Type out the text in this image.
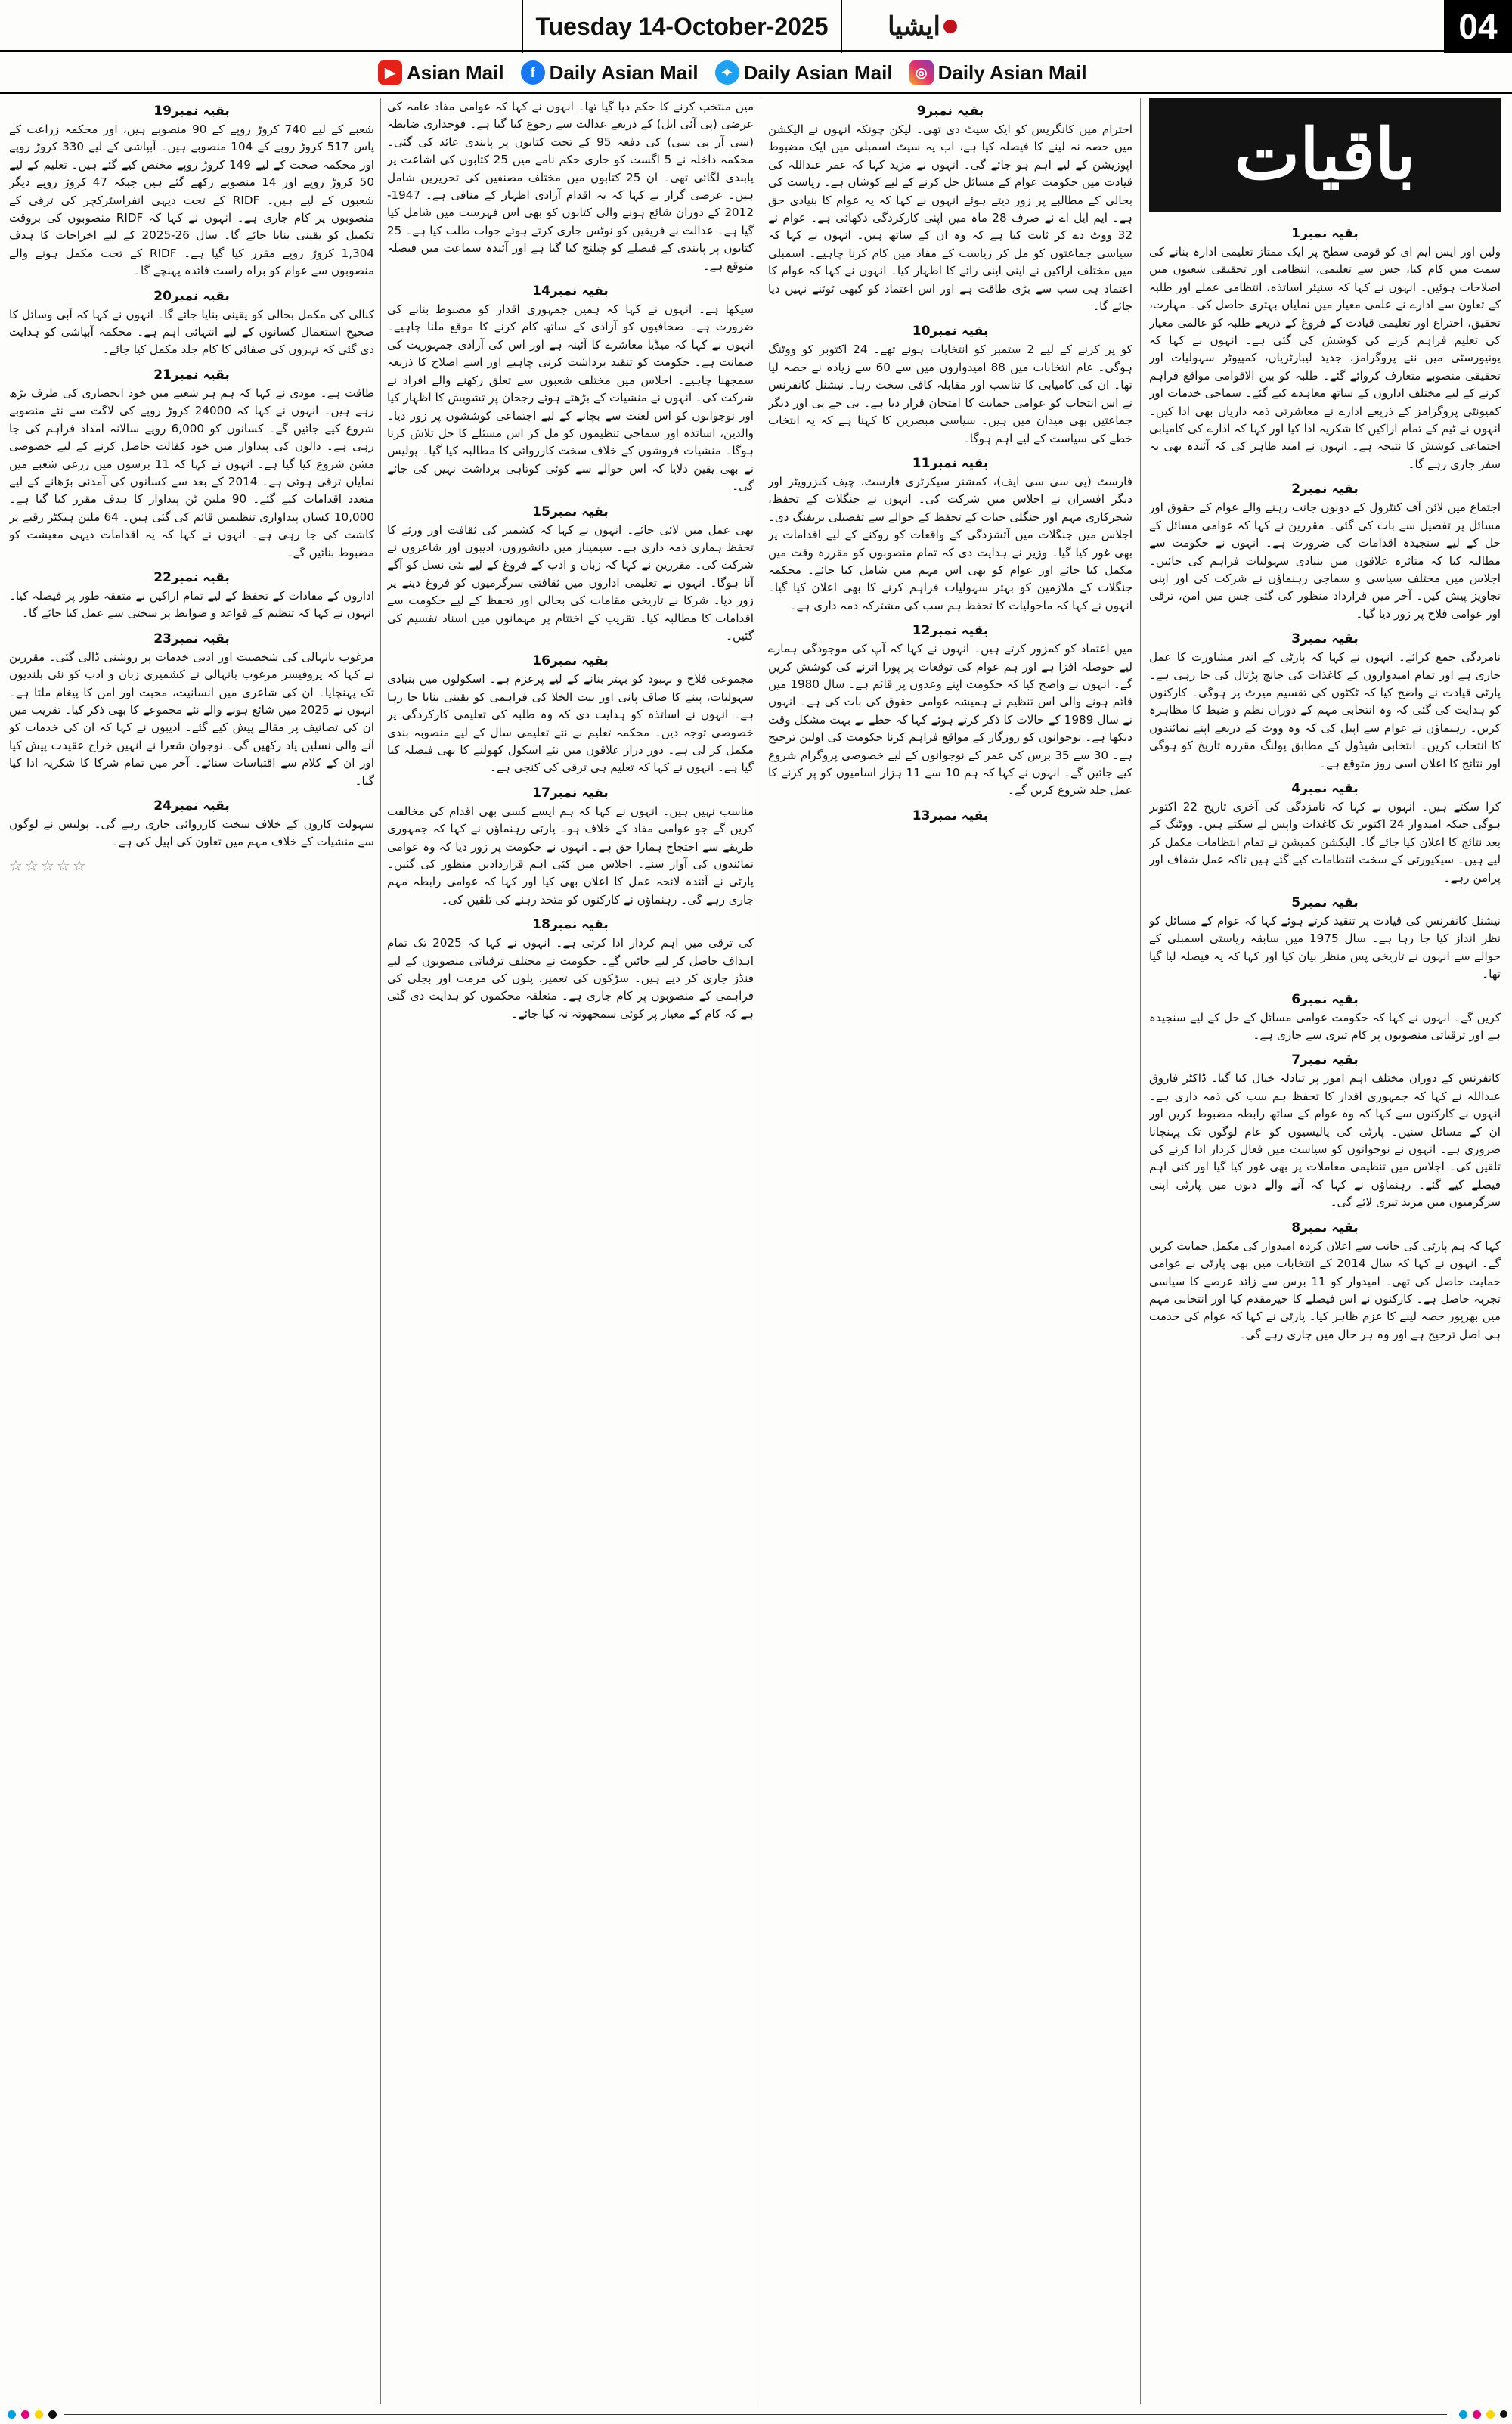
Tuesday 14-October-2025	ایشیا	04
▶ Asian Mail	f Daily Asian Mail	✦ Daily Asian Mail	◎ Daily Asian Mail
باقیات
بقیہ نمبر1

ولیں اور ایس ایم ای کو قومی سطح پر ایک ممتاز تعلیمی ادارہ بنانے کی سمت میں کام کیا، جس سے تعلیمی، انتظامی اور تحقیقی شعبوں میں اصلاحات ہوئیں۔ انہوں نے کہا کہ سنیئر اساتذہ، انتظامی عملے اور طلبہ کے تعاون سے ادارے نے علمی معیار میں نمایاں بہتری حاصل کی۔ مہارت، تحقیق، اختراع اور تعلیمی قیادت کے فروغ کے ذریعے طلبہ کو عالمی معیار کی تعلیم فراہم کرنے کی کوشش کی گئی ہے۔ انہوں نے کہا کہ یونیورسٹی میں نئے پروگرامز، جدید لیبارٹریاں، کمپیوٹر سہولیات اور تحقیقی منصوبے متعارف کروائے گئے۔ طلبہ کو بین الاقوامی مواقع فراہم کرنے کے لیے مختلف اداروں کے ساتھ معاہدے کیے گئے۔ سماجی خدمات اور کمیونٹی پروگرامز کے ذریعے ادارے نے معاشرتی ذمہ داریاں بھی ادا کیں۔ انہوں نے ٹیم کے تمام اراکین کا شکریہ ادا کیا اور کہا کہ ادارے کی کامیابی اجتماعی کوشش کا نتیجہ ہے۔ انہوں نے امید ظاہر کی کہ آئندہ بھی یہ سفر جاری رہے گا۔

بقیہ نمبر2

اجتماع میں لائن آف کنٹرول کے دونوں جانب رہنے والے عوام کے حقوق اور مسائل پر تفصیل سے بات کی گئی۔ مقررین نے کہا کہ عوامی مسائل کے حل کے لیے سنجیدہ اقدامات کی ضرورت ہے۔ انہوں نے حکومت سے مطالبہ کیا کہ متاثرہ علاقوں میں بنیادی سہولیات فراہم کی جائیں۔ اجلاس میں مختلف سیاسی و سماجی رہنماؤں نے شرکت کی اور اپنی تجاویز پیش کیں۔ آخر میں قرارداد منظور کی گئی جس میں امن، ترقی اور عوامی فلاح پر زور دیا گیا۔

بقیہ نمبر3

نامزدگی جمع کرائے۔ انہوں نے کہا کہ پارٹی کے اندر مشاورت کا عمل جاری ہے اور تمام امیدواروں کے کاغذات کی جانچ پڑتال کی جا رہی ہے۔ پارٹی قیادت نے واضح کیا کہ ٹکٹوں کی تقسیم میرٹ پر ہوگی۔ کارکنوں کو ہدایت کی گئی کہ وہ انتخابی مہم کے دوران نظم و ضبط کا مظاہرہ کریں۔ رہنماؤں نے عوام سے اپیل کی کہ وہ ووٹ کے ذریعے اپنے نمائندوں کا انتخاب کریں۔ انتخابی شیڈول کے مطابق پولنگ مقررہ تاریخ کو ہوگی اور نتائج کا اعلان اسی روز متوقع ہے۔

بقیہ نمبر4

کرا سکتے ہیں۔ انہوں نے کہا کہ نامزدگی کی آخری تاریخ 22 اکتوبر ہوگی جبکہ امیدوار 24 اکتوبر تک کاغذات واپس لے سکتے ہیں۔ ووٹنگ کے بعد نتائج کا اعلان کیا جائے گا۔ الیکشن کمیشن نے تمام انتظامات مکمل کر لیے ہیں۔ سیکیورٹی کے سخت انتظامات کیے گئے ہیں تاکہ عمل شفاف اور پرامن رہے۔

بقیہ نمبر5

نیشنل کانفرنس کی قیادت پر تنقید کرتے ہوئے کہا کہ عوام کے مسائل کو نظر انداز کیا جا رہا ہے۔ سال 1975 میں سابقہ ریاستی اسمبلی کے حوالے سے انہوں نے تاریخی پس منظر بیان کیا اور کہا کہ یہ فیصلہ لیا گیا تھا۔

بقیہ نمبر6

کریں گے۔ انہوں نے کہا کہ حکومت عوامی مسائل کے حل کے لیے سنجیدہ ہے اور ترقیاتی منصوبوں پر کام تیزی سے جاری ہے۔

بقیہ نمبر7

کانفرنس کے دوران مختلف اہم امور پر تبادلہ خیال کیا گیا۔ ڈاکٹر فاروق عبداللہ نے کہا کہ جمہوری اقدار کا تحفظ ہم سب کی ذمہ داری ہے۔ انہوں نے کارکنوں سے کہا کہ وہ عوام کے ساتھ رابطہ مضبوط کریں اور ان کے مسائل سنیں۔ پارٹی کی پالیسیوں کو عام لوگوں تک پہنچانا ضروری ہے۔ انہوں نے نوجوانوں کو سیاست میں فعال کردار ادا کرنے کی تلقین کی۔ اجلاس میں تنظیمی معاملات پر بھی غور کیا گیا اور کئی اہم فیصلے کیے گئے۔ رہنماؤں نے کہا کہ آنے والے دنوں میں پارٹی اپنی سرگرمیوں میں مزید تیزی لائے گی۔

بقیہ نمبر8

کہا کہ ہم پارٹی کی جانب سے اعلان کردہ امیدوار کی مکمل حمایت کریں گے۔ انہوں نے کہا کہ سال 2014 کے انتخابات میں بھی پارٹی نے عوامی حمایت حاصل کی تھی۔ امیدوار کو 11 برس سے زائد عرصے کا سیاسی تجربہ حاصل ہے۔ کارکنوں نے اس فیصلے کا خیرمقدم کیا اور انتخابی مہم میں بھرپور حصہ لینے کا عزم ظاہر کیا۔ پارٹی نے کہا کہ عوام کی خدمت ہی اصل ترجیح ہے اور وہ ہر حال میں جاری رہے گی۔

بقیہ نمبر9

احترام میں کانگریس کو ایک سیٹ دی تھی۔ لیکن چونکہ انہوں نے الیکشن میں حصہ نہ لینے کا فیصلہ کیا ہے، اب یہ سیٹ اسمبلی میں ایک مضبوط اپوزیشن کے لیے اہم ہو جائے گی۔ انہوں نے مزید کہا کہ عمر عبداللہ کی قیادت میں حکومت عوام کے مسائل حل کرنے کے لیے کوشاں ہے۔ ریاست کی بحالی کے مطالبے پر زور دیتے ہوئے انہوں نے کہا کہ یہ عوام کا بنیادی حق ہے۔ ایم ایل اے نے صرف 28 ماہ میں اپنی کارکردگی دکھائی ہے۔ عوام نے 32 ووٹ دے کر ثابت کیا ہے کہ وہ ان کے ساتھ ہیں۔ انہوں نے کہا کہ سیاسی جماعتوں کو مل کر ریاست کے مفاد میں کام کرنا چاہیے۔ اسمبلی میں مختلف اراکین نے اپنی اپنی رائے کا اظہار کیا۔ انہوں نے کہا کہ عوام کا اعتماد ہی سب سے بڑی طاقت ہے اور اس اعتماد کو کبھی ٹوٹنے نہیں دیا جائے گا۔

بقیہ نمبر10

کو پر کرنے کے لیے 2 ستمبر کو انتخابات ہونے تھے۔ 24 اکتوبر کو ووٹنگ ہوگی۔ عام انتخابات میں 88 امیدواروں میں سے 60 سے زیادہ نے حصہ لیا تھا۔ ان کی کامیابی کا تناسب اور مقابلہ کافی سخت رہا۔ نیشنل کانفرنس نے اس انتخاب کو عوامی حمایت کا امتحان قرار دیا ہے۔ بی جے پی اور دیگر جماعتیں بھی میدان میں ہیں۔ سیاسی مبصرین کا کہنا ہے کہ یہ انتخاب خطے کی سیاست کے لیے اہم ہوگا۔

بقیہ نمبر11

فارسٹ (پی سی سی ایف)، کمشنر سیکرٹری فارسٹ، چیف کنزرویٹر اور دیگر افسران نے اجلاس میں شرکت کی۔ انہوں نے جنگلات کے تحفظ، شجرکاری مہم اور جنگلی حیات کے تحفظ کے حوالے سے تفصیلی بریفنگ دی۔ اجلاس میں جنگلات میں آتشزدگی کے واقعات کو روکنے کے لیے اقدامات پر بھی غور کیا گیا۔ وزیر نے ہدایت دی کہ تمام منصوبوں کو مقررہ وقت میں مکمل کیا جائے اور عوام کو بھی اس مہم میں شامل کیا جائے۔ محکمہ جنگلات کے ملازمین کو بہتر سہولیات فراہم کرنے کا بھی اعلان کیا گیا۔ انہوں نے کہا کہ ماحولیات کا تحفظ ہم سب کی مشترکہ ذمہ داری ہے۔

بقیہ نمبر12

میں اعتماد کو کمزور کرتے ہیں۔ انہوں نے کہا کہ آپ کی موجودگی ہمارے لیے حوصلہ افزا ہے اور ہم عوام کی توقعات پر پورا اترنے کی کوشش کریں گے۔ انہوں نے واضح کیا کہ حکومت اپنے وعدوں پر قائم ہے۔ سال 1980 میں قائم ہونے والی اس تنظیم نے ہمیشہ عوامی حقوق کی بات کی ہے۔ انہوں نے سال 1989 کے حالات کا ذکر کرتے ہوئے کہا کہ خطے نے بہت مشکل وقت دیکھا ہے۔ نوجوانوں کو روزگار کے مواقع فراہم کرنا حکومت کی اولین ترجیح ہے۔ 30 سے 35 برس کی عمر کے نوجوانوں کے لیے خصوصی پروگرام شروع کیے جائیں گے۔ انہوں نے کہا کہ ہم 10 سے 11 ہزار اسامیوں کو پر کرنے کا عمل جلد شروع کریں گے۔

بقیہ نمبر13

میں منتخب کرنے کا حکم دیا گیا تھا۔ انہوں نے کہا کہ عوامی مفاد عامہ کی عرضی (پی آئی ایل) کے ذریعے عدالت سے رجوع کیا گیا ہے۔ فوجداری ضابطہ (سی آر پی سی) کی دفعہ 95 کے تحت کتابوں پر پابندی عائد کی گئی۔ محکمہ داخلہ نے 5 اگست کو جاری حکم نامے میں 25 کتابوں کی اشاعت پر پابندی لگائی تھی۔ ان 25 کتابوں میں مختلف مصنفین کی تحریریں شامل ہیں۔ عرضی گزار نے کہا کہ یہ اقدام آزادی اظہار کے منافی ہے۔ 1947-2012 کے دوران شائع ہونے والی کتابوں کو بھی اس فہرست میں شامل کیا گیا ہے۔ عدالت نے فریقین کو نوٹس جاری کرتے ہوئے جواب طلب کیا ہے۔ 25 کتابوں پر پابندی کے فیصلے کو چیلنج کیا گیا ہے اور آئندہ سماعت میں فیصلہ متوقع ہے۔

بقیہ نمبر14

سیکھا ہے۔ انہوں نے کہا کہ ہمیں جمہوری اقدار کو مضبوط بنانے کی ضرورت ہے۔ صحافیوں کو آزادی کے ساتھ کام کرنے کا موقع ملنا چاہیے۔ انہوں نے کہا کہ میڈیا معاشرے کا آئینہ ہے اور اس کی آزادی جمہوریت کی ضمانت ہے۔ حکومت کو تنقید برداشت کرنی چاہیے اور اسے اصلاح کا ذریعہ سمجھنا چاہیے۔ اجلاس میں مختلف شعبوں سے تعلق رکھنے والے افراد نے شرکت کی۔ انہوں نے منشیات کے بڑھتے ہوئے رجحان پر تشویش کا اظہار کیا اور نوجوانوں کو اس لعنت سے بچانے کے لیے اجتماعی کوششوں پر زور دیا۔ والدین، اساتذہ اور سماجی تنظیموں کو مل کر اس مسئلے کا حل تلاش کرنا ہوگا۔ منشیات فروشوں کے خلاف سخت کارروائی کا مطالبہ کیا گیا۔ پولیس نے بھی یقین دلایا کہ اس حوالے سے کوئی کوتاہی برداشت نہیں کی جائے گی۔

بقیہ نمبر15

بھی عمل میں لائی جائے۔ انہوں نے کہا کہ کشمیر کی ثقافت اور ورثے کا تحفظ ہماری ذمہ داری ہے۔ سیمینار میں دانشوروں، ادیبوں اور شاعروں نے شرکت کی۔ مقررین نے کہا کہ زبان و ادب کے فروغ کے لیے نئی نسل کو آگے آنا ہوگا۔ انہوں نے تعلیمی اداروں میں ثقافتی سرگرمیوں کو فروغ دینے پر زور دیا۔ شرکا نے تاریخی مقامات کی بحالی اور تحفظ کے لیے حکومت سے اقدامات کا مطالبہ کیا۔ تقریب کے اختتام پر مہمانوں میں اسناد تقسیم کی گئیں۔

بقیہ نمبر16

مجموعی فلاح و بہبود کو بہتر بنانے کے لیے پرعزم ہے۔ اسکولوں میں بنیادی سہولیات، پینے کا صاف پانی اور بیت الخلا کی فراہمی کو یقینی بنایا جا رہا ہے۔ انہوں نے اساتذہ کو ہدایت دی کہ وہ طلبہ کی تعلیمی کارکردگی پر خصوصی توجہ دیں۔ محکمہ تعلیم نے نئے تعلیمی سال کے لیے منصوبہ بندی مکمل کر لی ہے۔ دور دراز علاقوں میں نئے اسکول کھولنے کا بھی فیصلہ کیا گیا ہے۔ انہوں نے کہا کہ تعلیم ہی ترقی کی کنجی ہے۔

بقیہ نمبر17

مناسب نہیں ہیں۔ انہوں نے کہا کہ ہم ایسے کسی بھی اقدام کی مخالفت کریں گے جو عوامی مفاد کے خلاف ہو۔ پارٹی رہنماؤں نے کہا کہ جمہوری طریقے سے احتجاج ہمارا حق ہے۔ انہوں نے حکومت پر زور دیا کہ وہ عوامی نمائندوں کی آواز سنے۔ اجلاس میں کئی اہم قراردادیں منظور کی گئیں۔ پارٹی نے آئندہ لائحہ عمل کا اعلان بھی کیا اور کہا کہ عوامی رابطہ مہم جاری رہے گی۔ رہنماؤں نے کارکنوں کو متحد رہنے کی تلقین کی۔

بقیہ نمبر18

کی ترقی میں اہم کردار ادا کرتی ہے۔ انہوں نے کہا کہ 2025 تک تمام اہداف حاصل کر لیے جائیں گے۔ حکومت نے مختلف ترقیاتی منصوبوں کے لیے فنڈز جاری کر دیے ہیں۔ سڑکوں کی تعمیر، پلوں کی مرمت اور بجلی کی فراہمی کے منصوبوں پر کام جاری ہے۔ متعلقہ محکموں کو ہدایت دی گئی ہے کہ کام کے معیار پر کوئی سمجھوتہ نہ کیا جائے۔

بقیہ نمبر19

شعبے کے لیے 740 کروڑ روپے کے 90 منصوبے ہیں، اور محکمہ زراعت کے پاس 517 کروڑ روپے کے 104 منصوبے ہیں۔ آبپاشی کے لیے 330 کروڑ روپے اور محکمہ صحت کے لیے 149 کروڑ روپے مختص کیے گئے ہیں۔ تعلیم کے لیے 50 کروڑ روپے اور 14 منصوبے رکھے گئے ہیں جبکہ 47 کروڑ روپے دیگر شعبوں کے لیے ہیں۔ RIDF کے تحت دیہی انفراسٹرکچر کی ترقی کے منصوبوں پر کام جاری ہے۔ انہوں نے کہا کہ RIDF منصوبوں کی بروقت تکمیل کو یقینی بنایا جائے گا۔ سال 26-2025 کے لیے اخراجات کا ہدف 1,304 کروڑ روپے مقرر کیا گیا ہے۔ RIDF کے تحت مکمل ہونے والے منصوبوں سے عوام کو براہ راست فائدہ پہنچے گا۔

بقیہ نمبر20

کنالی کی مکمل بحالی کو یقینی بنایا جائے گا۔ انہوں نے کہا کہ آبی وسائل کا صحیح استعمال کسانوں کے لیے انتہائی اہم ہے۔ محکمہ آبپاشی کو ہدایت دی گئی کہ نہروں کی صفائی کا کام جلد مکمل کیا جائے۔

بقیہ نمبر21

طاقت ہے۔ مودی نے کہا کہ ہم ہر شعبے میں خود انحصاری کی طرف بڑھ رہے ہیں۔ انہوں نے کہا کہ 24000 کروڑ روپے کی لاگت سے نئے منصوبے شروع کیے جائیں گے۔ کسانوں کو 6,000 روپے سالانہ امداد فراہم کی جا رہی ہے۔ دالوں کی پیداوار میں خود کفالت حاصل کرنے کے لیے خصوصی مشن شروع کیا گیا ہے۔ انہوں نے کہا کہ 11 برسوں میں زرعی شعبے میں نمایاں ترقی ہوئی ہے۔ 2014 کے بعد سے کسانوں کی آمدنی بڑھانے کے لیے متعدد اقدامات کیے گئے۔ 90 ملین ٹن پیداوار کا ہدف مقرر کیا گیا ہے۔ 10,000 کسان پیداواری تنظیمیں قائم کی گئی ہیں۔ 64 ملین ہیکٹر رقبے پر کاشت کی جا رہی ہے۔ انہوں نے کہا کہ یہ اقدامات دیہی معیشت کو مضبوط بنائیں گے۔

بقیہ نمبر22

اداروں کے مفادات کے تحفظ کے لیے تمام اراکین نے متفقہ طور پر فیصلہ کیا۔ انہوں نے کہا کہ تنظیم کے قواعد و ضوابط پر سختی سے عمل کیا جائے گا۔

بقیہ نمبر23

مرغوب بانہالی کی شخصیت اور ادبی خدمات پر روشنی ڈالی گئی۔ مقررین نے کہا کہ پروفیسر مرغوب بانہالی نے کشمیری زبان و ادب کو نئی بلندیوں تک پہنچایا۔ ان کی شاعری میں انسانیت، محبت اور امن کا پیغام ملتا ہے۔ انہوں نے 2025 میں شائع ہونے والے نئے مجموعے کا بھی ذکر کیا۔ تقریب میں ان کی تصانیف پر مقالے پیش کیے گئے۔ ادیبوں نے کہا کہ ان کی خدمات کو آنے والی نسلیں یاد رکھیں گی۔ نوجوان شعرا نے انہیں خراج عقیدت پیش کیا اور ان کے کلام سے اقتباسات سنائے۔ آخر میں تمام شرکا کا شکریہ ادا کیا گیا۔

بقیہ نمبر24

سہولت کاروں کے خلاف سخت کارروائی جاری رہے گی۔ پولیس نے لوگوں سے منشیات کے خلاف مہم میں تعاون کی اپیل کی ہے۔

☆☆☆☆☆
